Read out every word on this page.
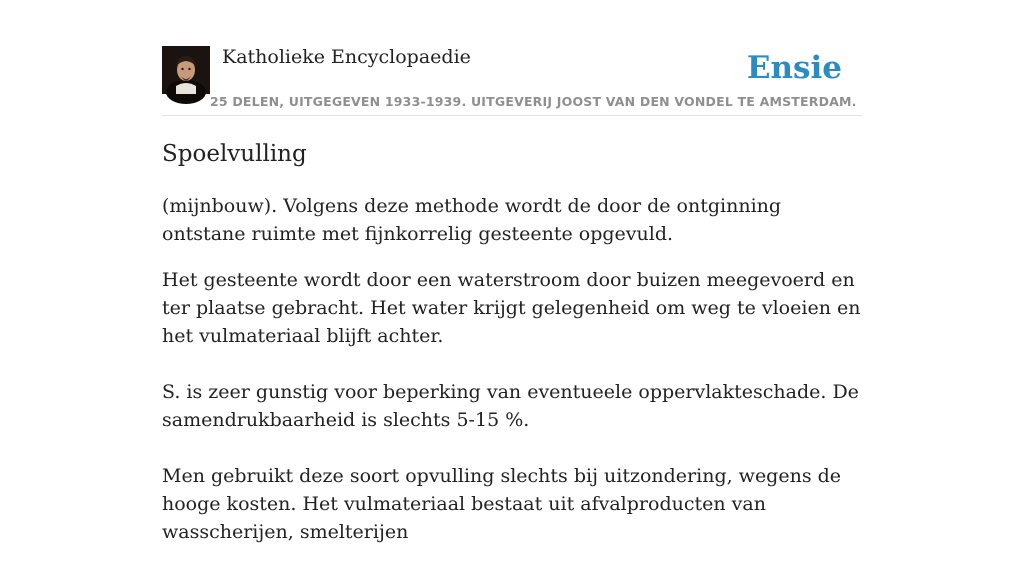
Katholieke Encyclopaedie
25 DELEN, UITGEGEVEN 1933-1939. UITGEVERIJ JOOST VAN DEN VONDEL TE AMSTERDAM.
Ensie
Spoelvulling

(mijnbouw). Volgens deze methode wordt de door de ontginning ontstane ruimte met fijnkorrelig gesteente opgevuld.

Het gesteente wordt door een waterstroom door buizen meegevoerd en ter plaatse gebracht. Het water krijgt gelegenheid om weg te vloeien en het vulmateriaal blijft achter.

S. is zeer gunstig voor beperking van eventueele oppervlakteschade. De samendrukbaarheid is slechts 5-15 %.

Men gebruikt deze soort opvulling slechts bij uitzondering, wegens de hooge kosten. Het vulmateriaal bestaat uit afvalproducten van wasscherijen, smelterijen
